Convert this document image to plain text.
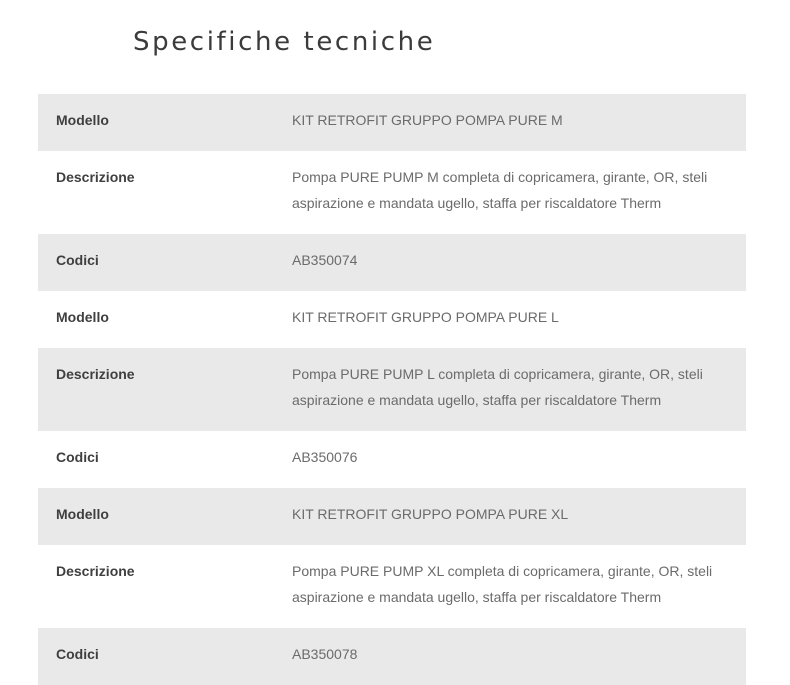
Specifiche tecniche
Modello	KIT RETROFIT GRUPPO POMPA PURE M
Descrizione	Pompa PURE PUMP M completa di copricamera, girante, OR, steli aspirazione e mandata ugello, staffa per riscaldatore Therm
Codici	AB350074
Modello	KIT RETROFIT GRUPPO POMPA PURE L
Descrizione	Pompa PURE PUMP L completa di copricamera, girante, OR, steli aspirazione e mandata ugello, staffa per riscaldatore Therm
Codici	AB350076
Modello	KIT RETROFIT GRUPPO POMPA PURE XL
Descrizione	Pompa PURE PUMP XL completa di copricamera, girante, OR, steli aspirazione e mandata ugello, staffa per riscaldatore Therm
Codici	AB350078
